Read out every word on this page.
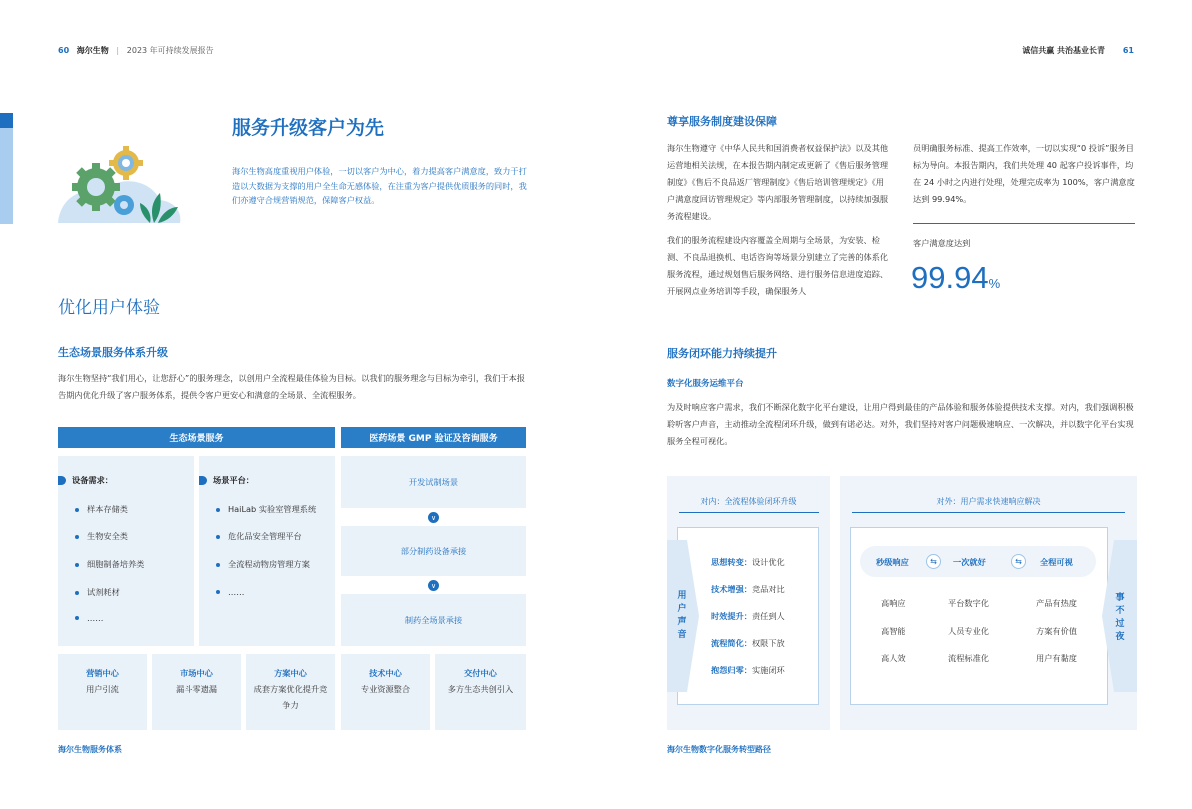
60 海尔生物 | 2023 年可持续发展报告	诚信共赢 共治基业长青 61
服务升级客户为先
海尔生物高度重视用户体验，一切以客户为中心，着力提高客户满意度，致力于打造以大数据为支撑的用户全生命无感体验，在注重为客户提供优质服务的同时，我们亦遵守合规营销规范，保障客户权益。
优化用户体验
生态场景服务体系升级
海尔生物坚持“我们用心，让您舒心”的服务理念，以创用户全流程最佳体验为目标。以我们的服务理念与目标为牵引，我们于本报告期内优化升级了客户服务体系，提供令客户更安心和满意的全场景、全流程服务。
生态场景服务	医药场景 GMP 验证及咨询服务
设备需求：
样本存储类
生物安全类
细胞制备培养类
试剂耗材
……
场景平台：
HaiLab 实验室管理系统
危化品安全管理平台
全流程动物房管理方案
……
开发试制场景
∨
部分制药设备承接
∨
制药全场景承接
营销中心
用户引流
市场中心
漏斗零遗漏
方案中心
成套方案优化提升竞争力
技术中心
专业资源整合
交付中心
多方生态共创引入
海尔生物服务体系
尊享服务制度建设保障
海尔生物遵守《中华人民共和国消费者权益保护法》以及其他运营地相关法规，在本报告期内制定或更新了《售后服务管理制度》《售后不良品返厂管理制度》《售后培训管理规定》《用户满意度回访管理规定》等内部服务管理制度，以持续加强服务流程建设。
我们的服务流程建设内容覆盖全周期与全场景，为安装、检测、不良品退换机、电话咨询等场景分别建立了完善的体系化服务流程，通过规划售后服务网络、进行服务信息进度追踪、开展网点业务培训等手段，确保服务人
员明确服务标准、提高工作效率，一切以实现“0 投诉”服务目标为导向。本报告期内，我们共处理 40 起客户投诉事件，均在 24 小时之内进行处理，处理完成率为 100%，客户满意度达到 99.94%。
客户满意度达到
99.94%
服务闭环能力持续提升
数字化服务运维平台
为及时响应客户需求，我们不断深化数字化平台建设，让用户得到最佳的产品体验和服务体验提供技术支撑。对内，我们强调积极聆听客户声音，主动推动全流程闭环升级，做到有诺必达。对外，我们坚持对客户问题极速响应、一次解决，并以数字化平台实现服务全程可视化。
对内：全流程体验闭环升级
用户声音
思想转变：设计优化
技术增强：竞品对比
时效提升：责任到人
流程简化：权限下放
抱怨归零：实施闭环
对外：用户需求快速响应解决
事不过夜
秒级响应	⇆	一次就好	⇆	全程可视
高响应	平台数字化	产品有热度
高智能	人员专业化	方案有价值
高人效	流程标准化	用户有黏度
海尔生物数字化服务转型路径
